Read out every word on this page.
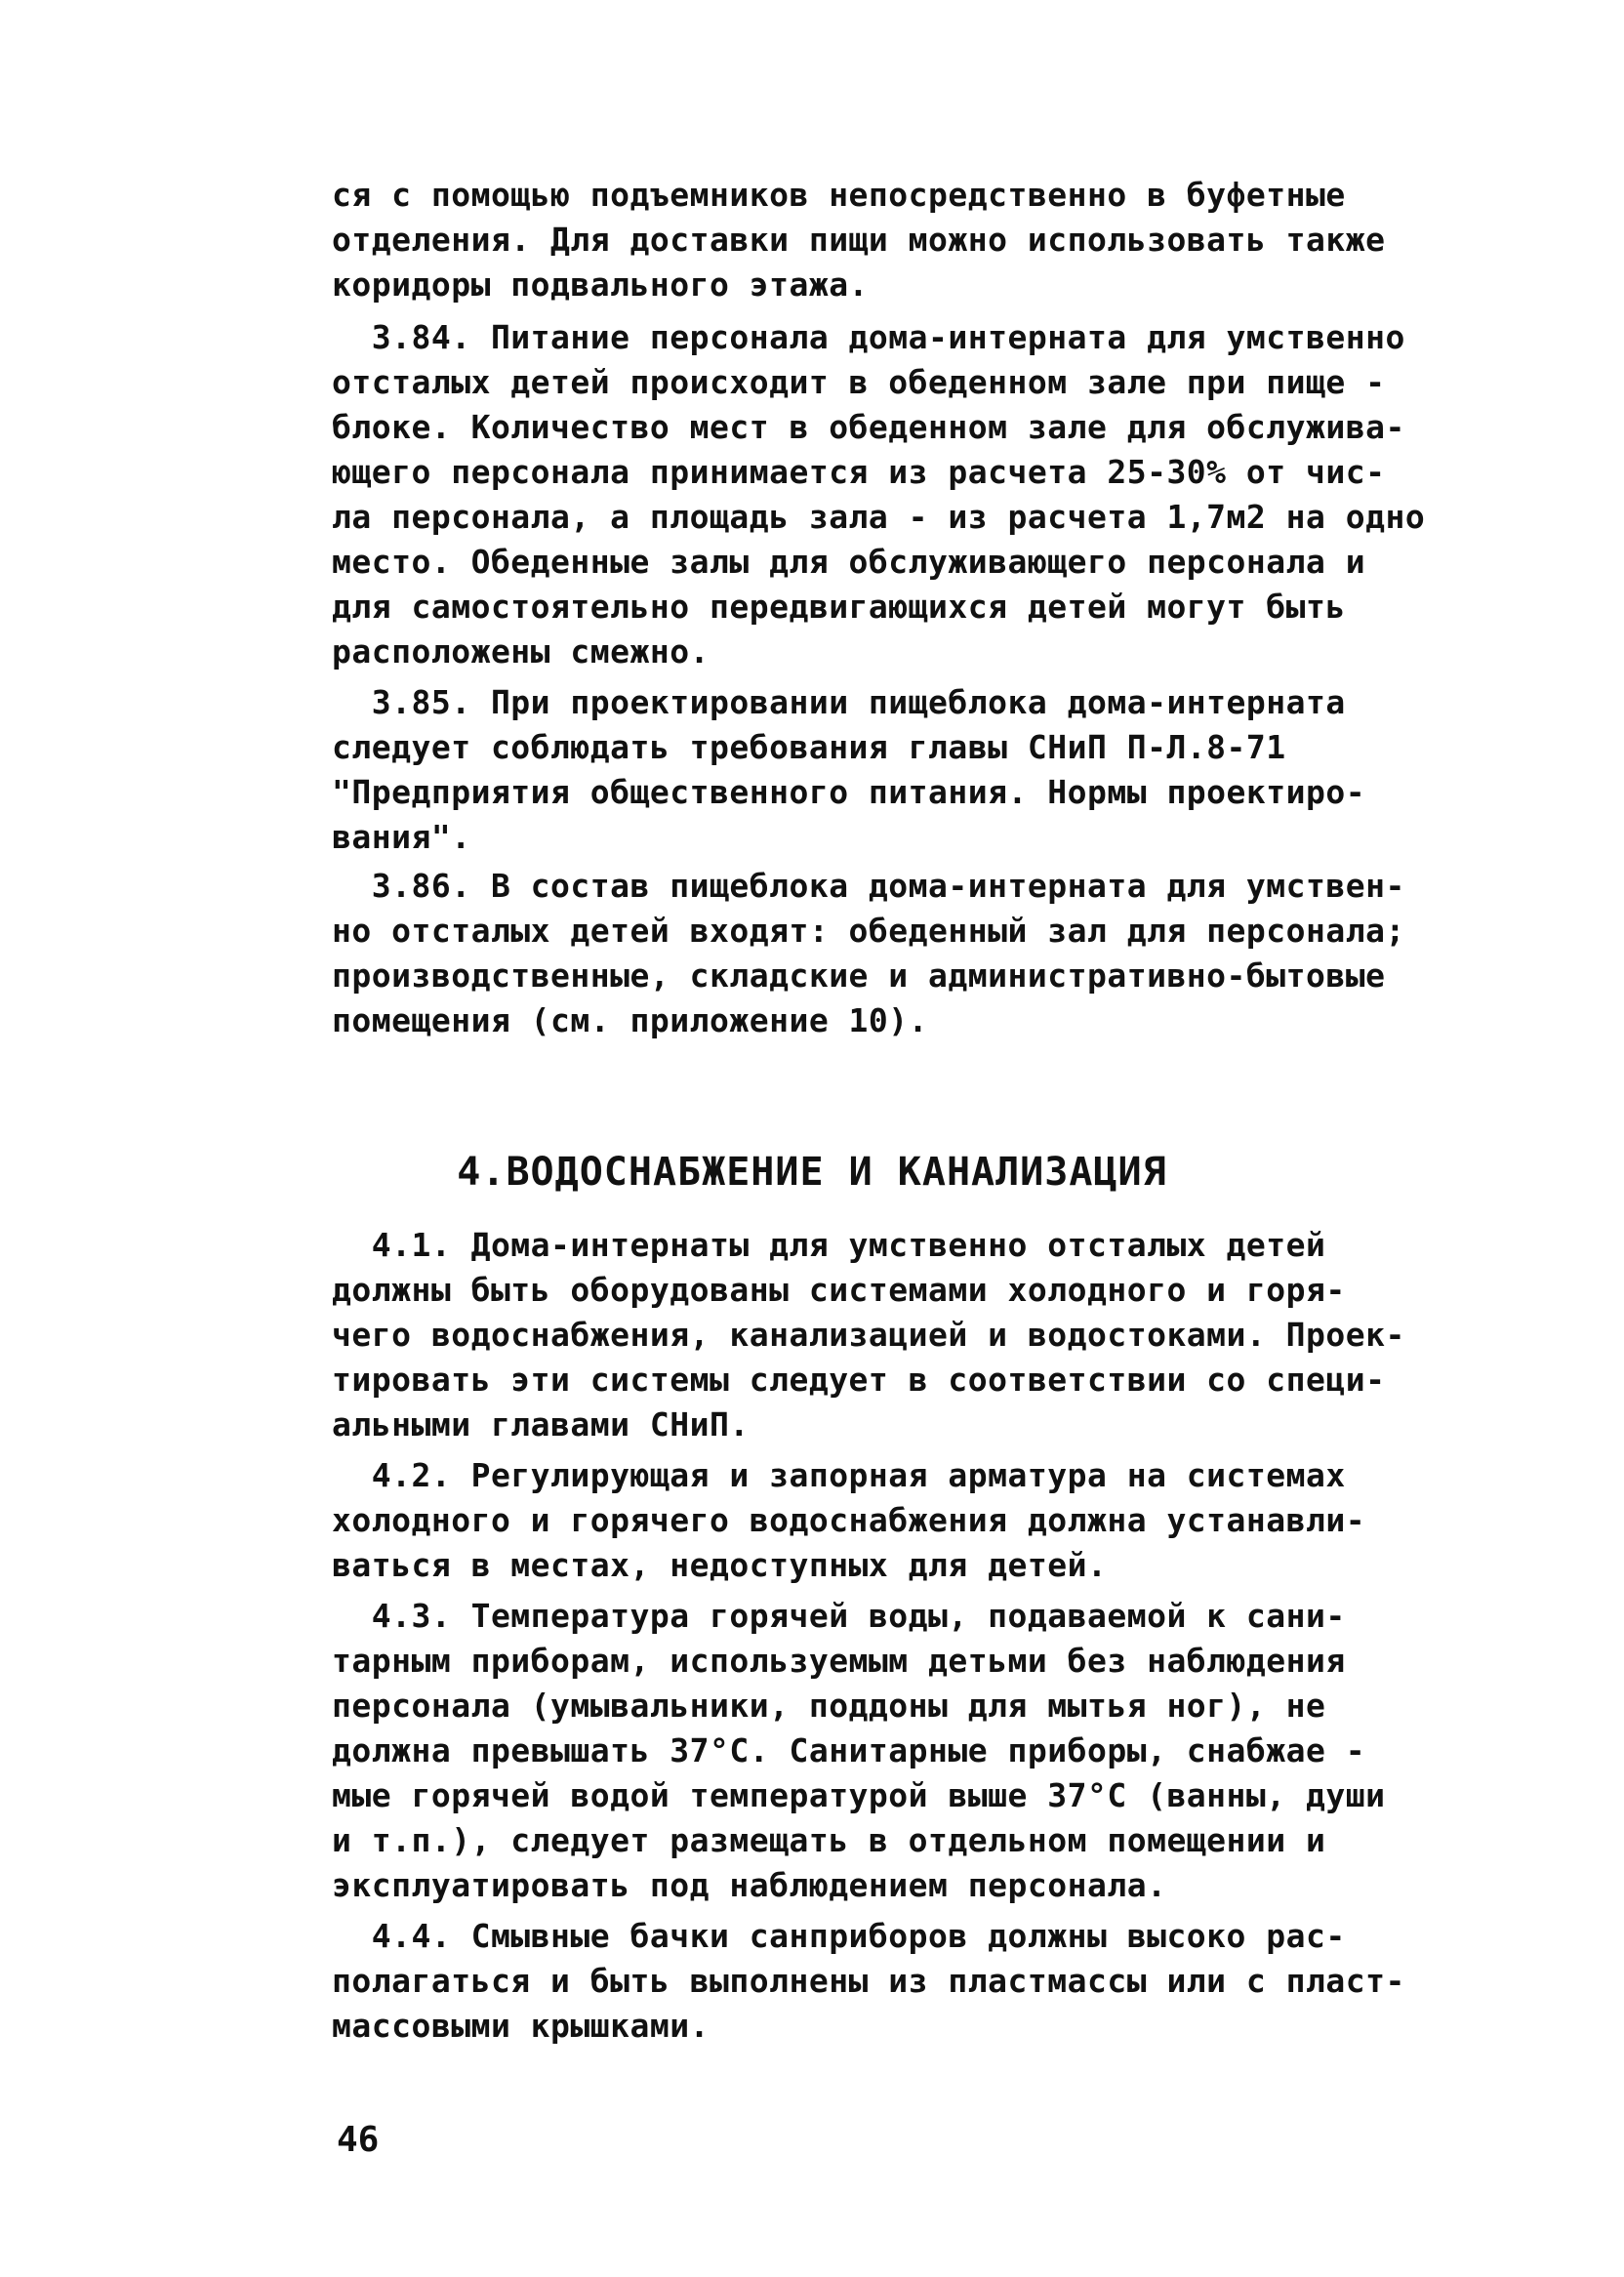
ся с помощью подъемников непосредственно в буфетные
отделения. Для доставки пищи можно использовать также
коридоры подвального этажа.
3.84. Питание персонала дома-интерната для умственно
отсталых детей происходит в обеденном зале при пище -
блоке. Количество мест в обеденном зале для обслужива-
ющего персонала принимается из расчета 25-30% от чис-
ла персонала, а площадь зала - из расчета 1,7м2 на одно
место. Обеденные залы для обслуживающего персонала и
для самостоятельно передвигающихся детей могут быть
расположены смежно.
3.85. При проектировании пищеблока дома-интерната
следует соблюдать требования главы СНиП П-Л.8-71
"Предприятия общественного питания. Нормы проектиро-
вания".
3.86. В состав пищеблока дома-интерната для умствен-
но отсталых детей входят: обеденный зал для персонала;
производственные, складские и административно-бытовые
помещения (см. приложение 10).
4.ВОДОСНАБЖЕНИЕ И КАНАЛИЗАЦИЯ
4.1. Дома-интернаты для умственно отсталых детей
должны быть оборудованы системами холодного и горя-
чего водоснабжения, канализацией и водостоками. Проек-
тировать эти системы следует в соответствии со специ-
альными главами СНиП.
4.2. Регулирующая и запорная арматура на системах
холодного и горячего водоснабжения должна устанавли-
ваться в местах, недоступных для детей.
4.3. Температура горячей воды, подаваемой к сани-
тарным приборам, используемым детьми без наблюдения
персонала (умывальники, поддоны для мытья ног), не
должна превышать 37°С. Санитарные приборы, снабжае -
мые горячей водой температурой выше 37°С (ванны, души
и т.п.), следует размещать в отдельном помещении и
эксплуатировать под наблюдением персонала.
4.4. Смывные бачки санприборов должны высоко рас-
полагаться и быть выполнены из пластмассы или с пласт-
массовыми крышками.
46
